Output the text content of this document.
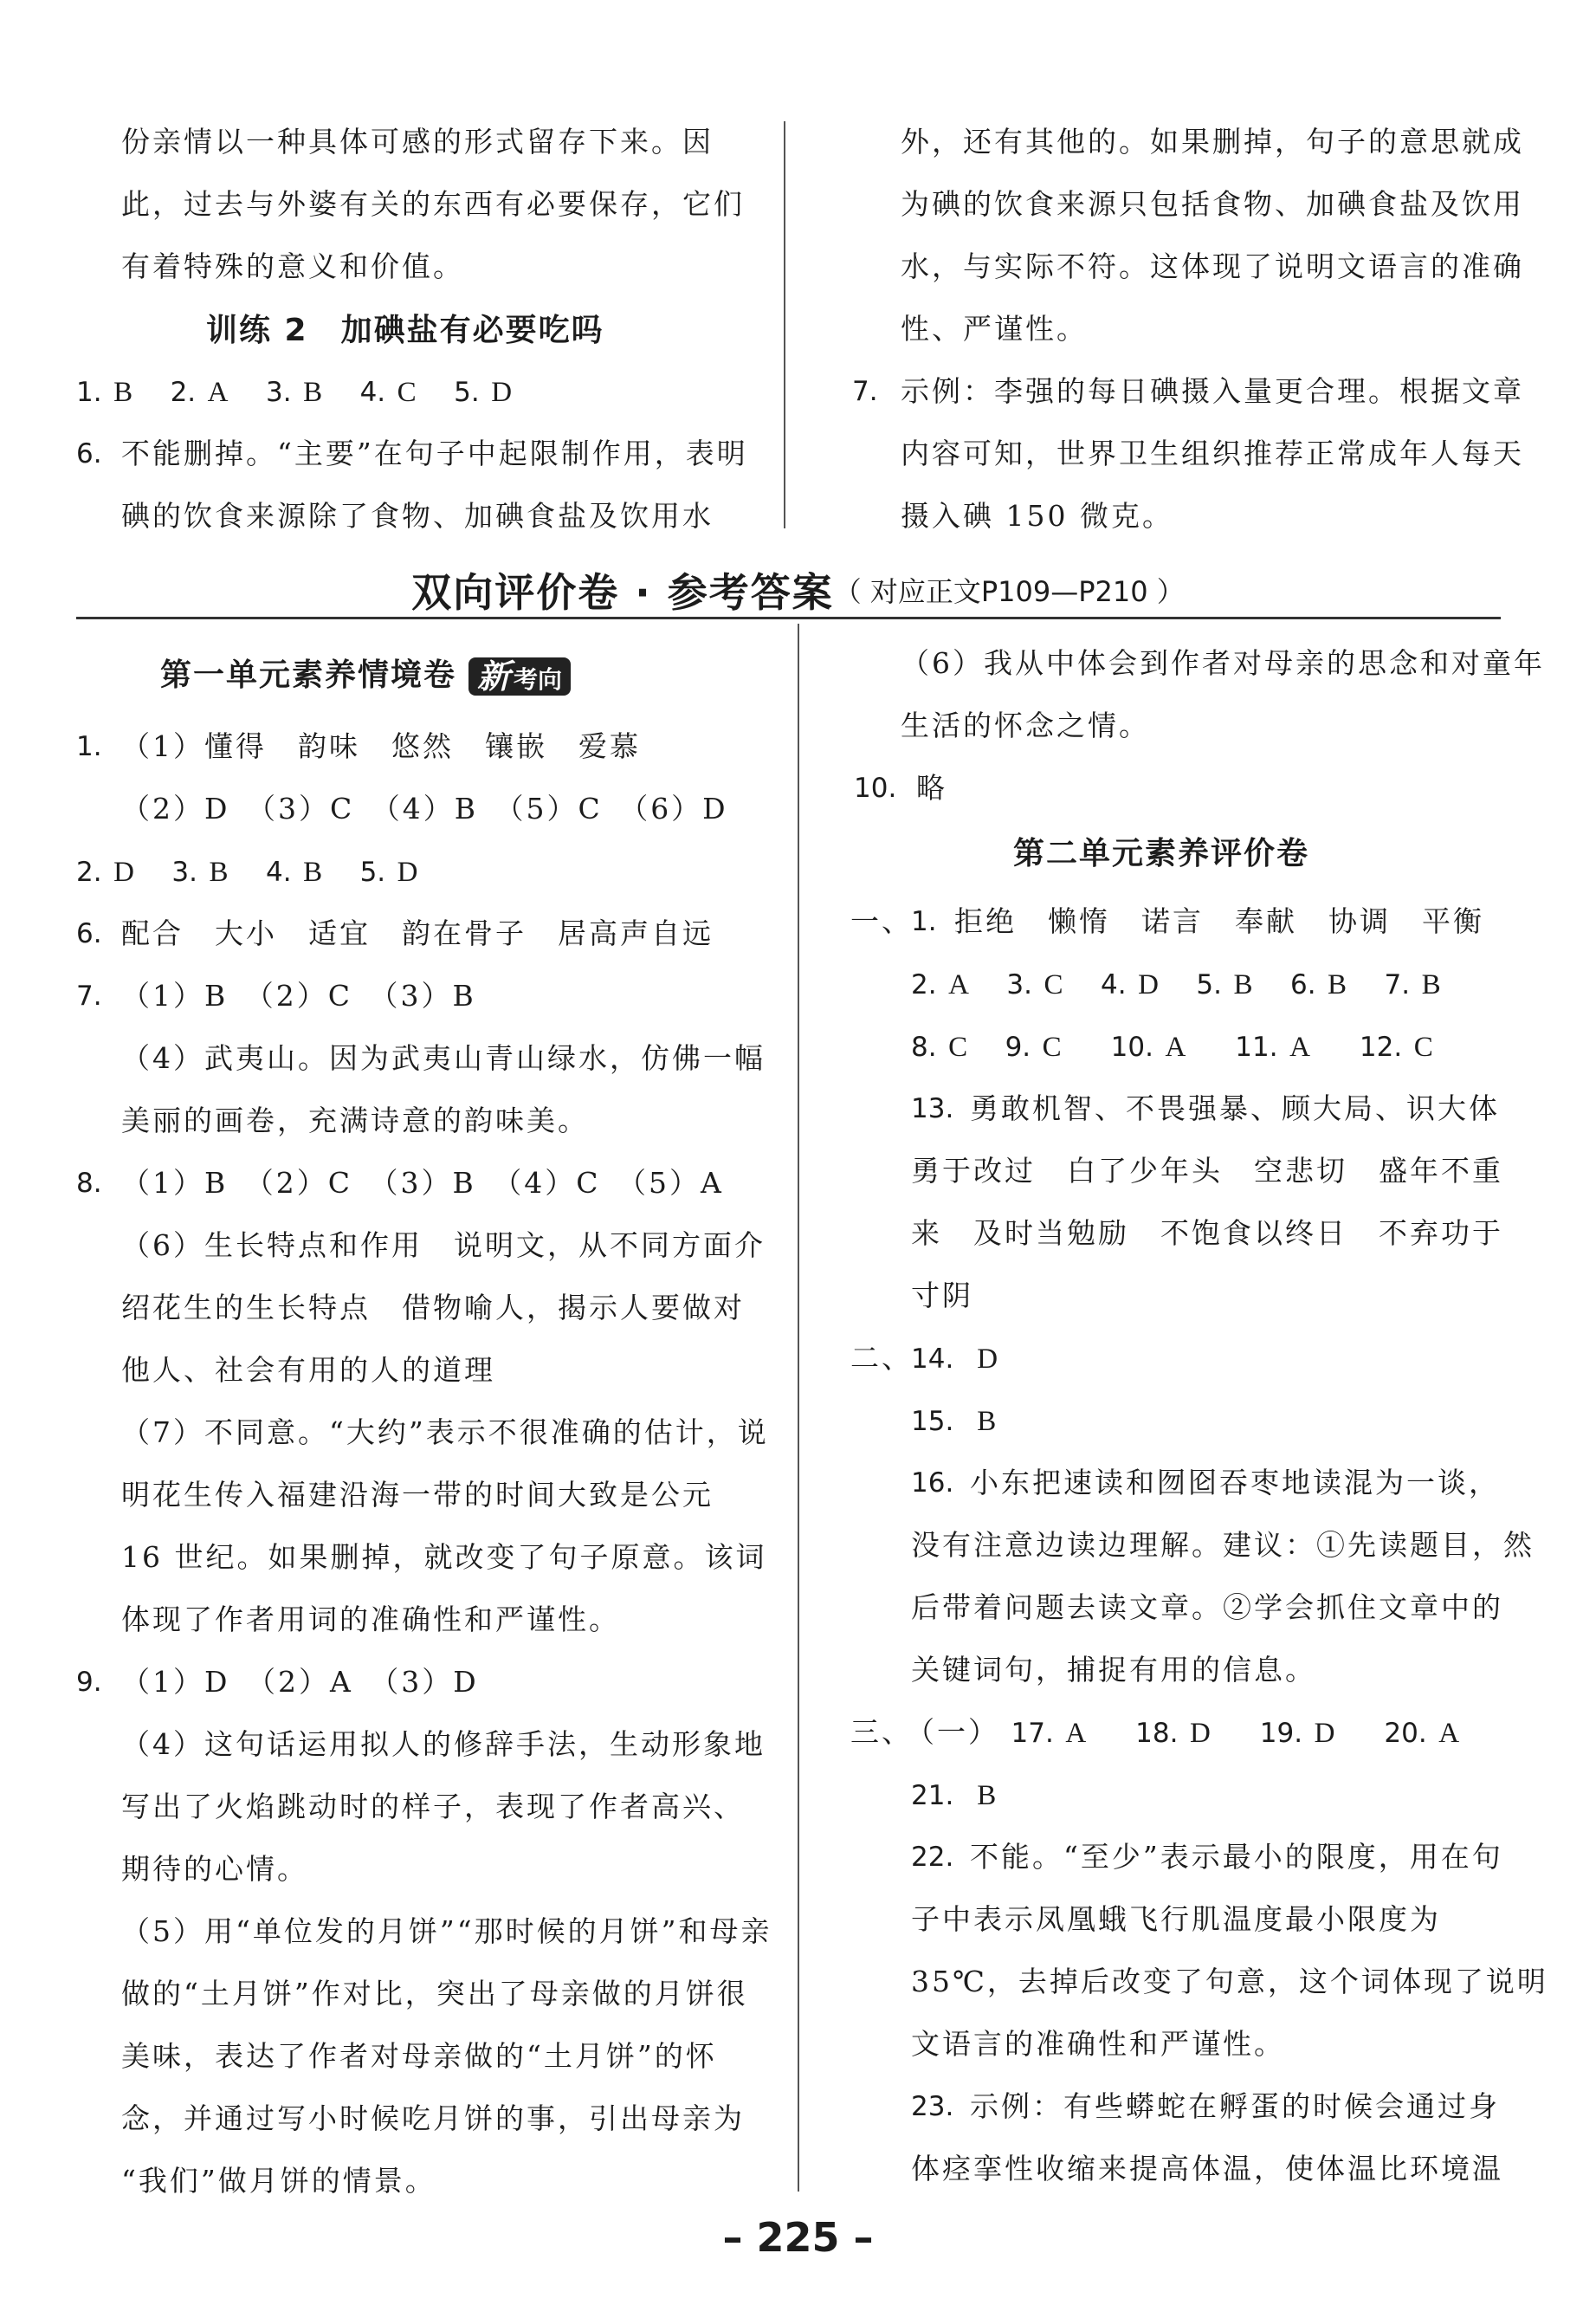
份亲情以一种具体可感的形式留存下来。因
此，过去与外婆有关的东西有必要保存，它们
有着特殊的意义和价值。
训练 2　加碘盐有必要吃吗
1. B 2. A 3. B 4. C 5. D
6. 不能删掉。“主要”在句子中起限制作用，表明
碘的饮食来源除了食物、加碘食盐及饮用水
外，还有其他的。如果删掉，句子的意思就成
为碘的饮食来源只包括食物、加碘食盐及饮用
水，与实际不符。这体现了说明文语言的准确
性、严谨性。
7. 示例：李强的每日碘摄入量更合理。根据文章
内容可知，世界卫生组织推荐正常成年人每天
摄入碘 150 微克。
双向评价卷 · 参考答案（ 对应正文P109—P210 ）
第一单元素养情境卷 新 考向
1. （1）懂得　韵味　悠然　镶嵌　爱慕
（2）D　（3）C　（4）B　（5）C　（6）D
2. D 3. B 4. B 5. D
6. 配合　大小　适宜　韵在骨子　居高声自远
7. （1）B　（2）C　（3）B
（4）武夷山。因为武夷山青山绿水，仿佛一幅
美丽的画卷，充满诗意的韵味美。
8. （1）B　（2）C　（3）B　（4）C　（5）A
（6）生长特点和作用　说明文，从不同方面介
绍花生的生长特点　借物喻人，揭示人要做对
他人、社会有用的人的道理
（7）不同意。“大约”表示不很准确的估计，说
明花生传入福建沿海一带的时间大致是公元
16 世纪。如果删掉，就改变了句子原意。该词
体现了作者用词的准确性和严谨性。
9. （1）D　（2）A　（3）D
（4）这句话运用拟人的修辞手法，生动形象地
写出了火焰跳动时的样子，表现了作者高兴、
期待的心情。
（5）用“单位发的月饼”“那时候的月饼”和母亲
做的“土月饼”作对比，突出了母亲做的月饼很
美味，表达了作者对母亲做的“土月饼”的怀
念，并通过写小时候吃月饼的事，引出母亲为
“我们”做月饼的情景。
（6）我从中体会到作者对母亲的思念和对童年
生活的怀念之情。
10. 略
第二单元素养评价卷
一、
1. 拒绝　懒惰　诺言　奉献　协调　平衡
2. A 3. C 4. D 5. B 6. B 7. B
8. C 9. C 10. A 11. A 12. C
13. 勇敢机智、不畏强暴、顾大局、识大体
勇于改过　白了少年头　空悲切　盛年不重
来　及时当勉励　不饱食以终日　不弃功于
寸阴
二、
14. D
15. B
16. 小东把速读和囫囵吞枣地读混为一谈，
没有注意边读边理解。建议：①先读题目，然
后带着问题去读文章。②学会抓住文章中的
关键词句，捕捉有用的信息。
三、
（一） 17. A 18. D 19. D 20. A
21. B
22. 不能。“至少”表示最小的限度，用在句
子中表示凤凰蛾飞行肌温度最小限度为
35℃，去掉后改变了句意，这个词体现了说明
文语言的准确性和严谨性。
23. 示例：有些蟒蛇在孵蛋的时候会通过身
体痉挛性收缩来提高体温，使体温比环境温
– 225 –
